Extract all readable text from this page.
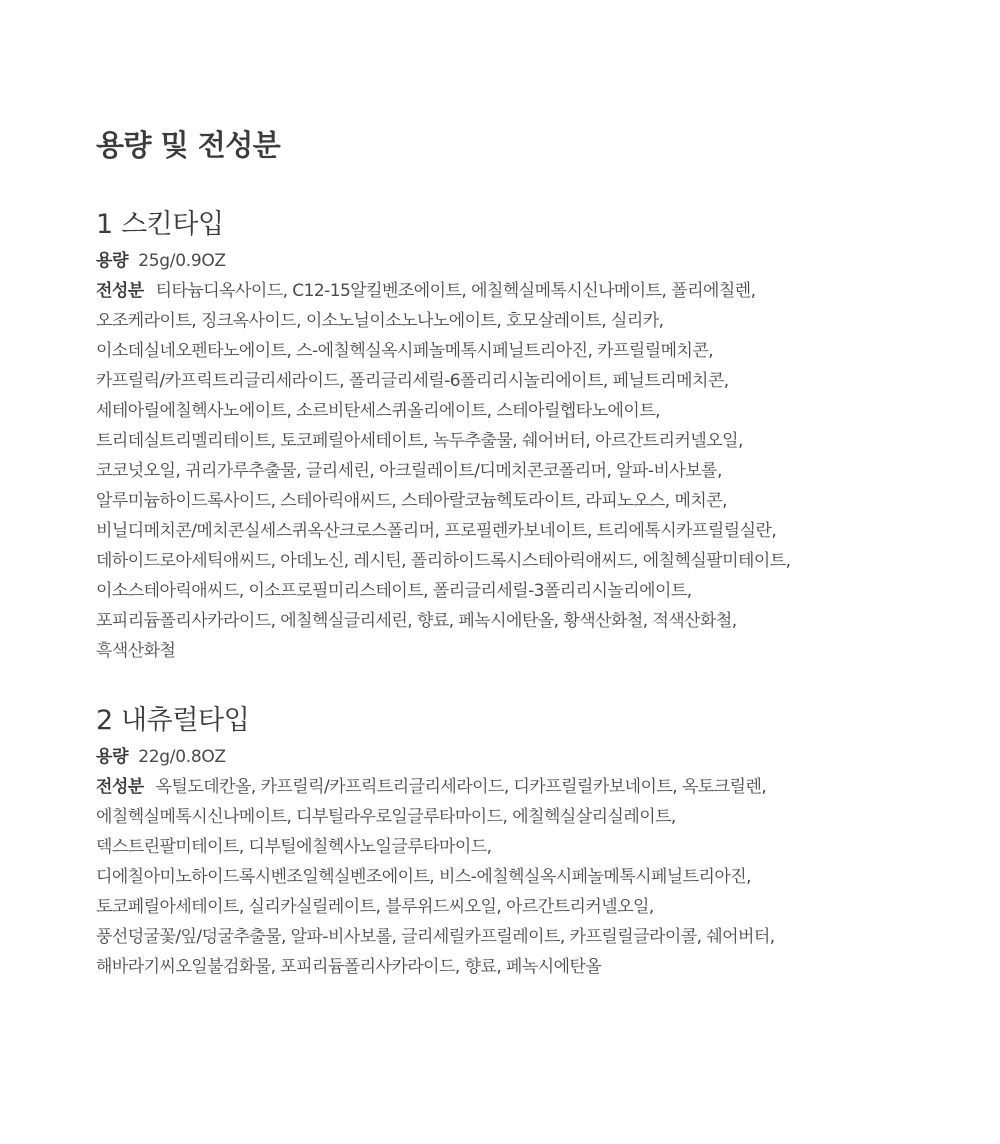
용량 및 전성분
1 스킨타입
용량 25g/0.9OZ
전성분 티타늄디옥사이드, C12-15알킬벤조에이트, 에칠헥실메톡시신나메이트, 폴리에칠렌,
오조케라이트, 징크옥사이드, 이소노닐이소노나노에이트, 호모살레이트, 실리카,
이소데실네오펜타노에이트, 스-에칠헥실옥시페놀메톡시페닐트리아진, 카프릴릴메치콘,
카프릴릭/카프릭트리글리세라이드, 폴리글리세릴-6폴리리시놀리에이트, 페닐트리메치콘,
세테아릴에칠헥사노에이트, 소르비탄세스퀴올리에이트, 스테아릴헵타노에이트,
트리데실트리멜리테이트, 토코페릴아세테이트, 녹두추출물, 쉐어버터, 아르간트리커넬오일,
코코넛오일, 귀리가루추출물, 글리세린, 아크릴레이트/디메치콘코폴리머, 알파-비사보롤,
알루미늄하이드록사이드, 스테아릭애씨드, 스테아랄코늄헥토라이트, 라피노오스, 메치콘,
비닐디메치콘/메치콘실세스퀴옥산크로스폴리머, 프로필렌카보네이트, 트리에톡시카프릴릴실란,
데하이드로아세틱애씨드, 아데노신, 레시틴, 폴리하이드록시스테아릭애씨드, 에칠헥실팔미테이트,
이소스테아릭애씨드, 이소프로필미리스테이트, 폴리글리세릴-3폴리리시놀리에이트,
포피리듐폴리사카라이드, 에칠헥실글리세린, 향료, 페녹시에탄올, 황색산화철, 적색산화철,
흑색산화철
2 내츄럴타입
용량 22g/0.8OZ
전성분 옥틸도데칸올, 카프릴릭/카프릭트리글리세라이드, 디카프릴릴카보네이트, 옥토크릴렌,
에칠헥실메톡시신나메이트, 디부틸라우로일글루타마이드, 에칠헥실살리실레이트,
덱스트린팔미테이트, 디부틸에칠헥사노일글루타마이드,
디에칠아미노하이드록시벤조일헥실벤조에이트, 비스-에칠헥실옥시페놀메톡시페닐트리아진,
토코페릴아세테이트, 실리카실릴레이트, 블루위드씨오일, 아르간트리커넬오일,
풍선덩굴꽃/잎/덩굴추출물, 알파-비사보롤, 글리세릴카프릴레이트, 카프릴릴글라이콜, 쉐어버터,
해바라기씨오일불검화물, 포피리듐폴리사카라이드, 향료, 페녹시에탄올
